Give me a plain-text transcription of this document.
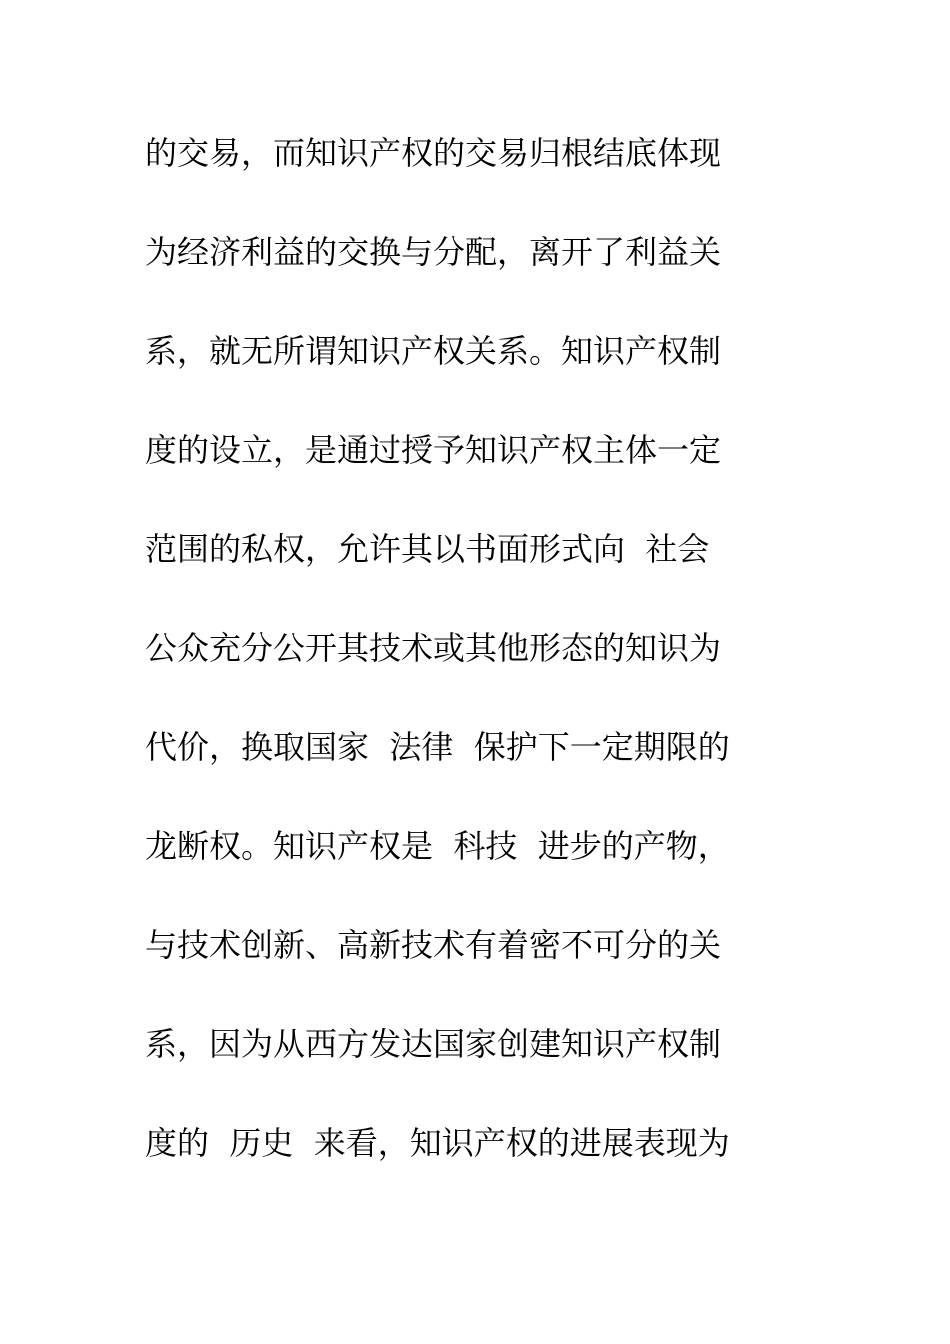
的交易，而知识产权的交易归根结底体现
为经济利益的交换与分配，离开了利益关
系，就无所谓知识产权关系。知识产权制
度的设立，是通过授予知识产权主体一定
范围的私权，允许其以书面形式向  社会
公众充分公开其技术或其他形态的知识为
代价，换取国家  法律  保护下一定期限的
龙断权。知识产权是  科技  进步的产物，
与技术创新、高新技术有着密不可分的关
系，因为从西方发达国家创建知识产权制
度的  历史  来看，知识产权的进展表现为
